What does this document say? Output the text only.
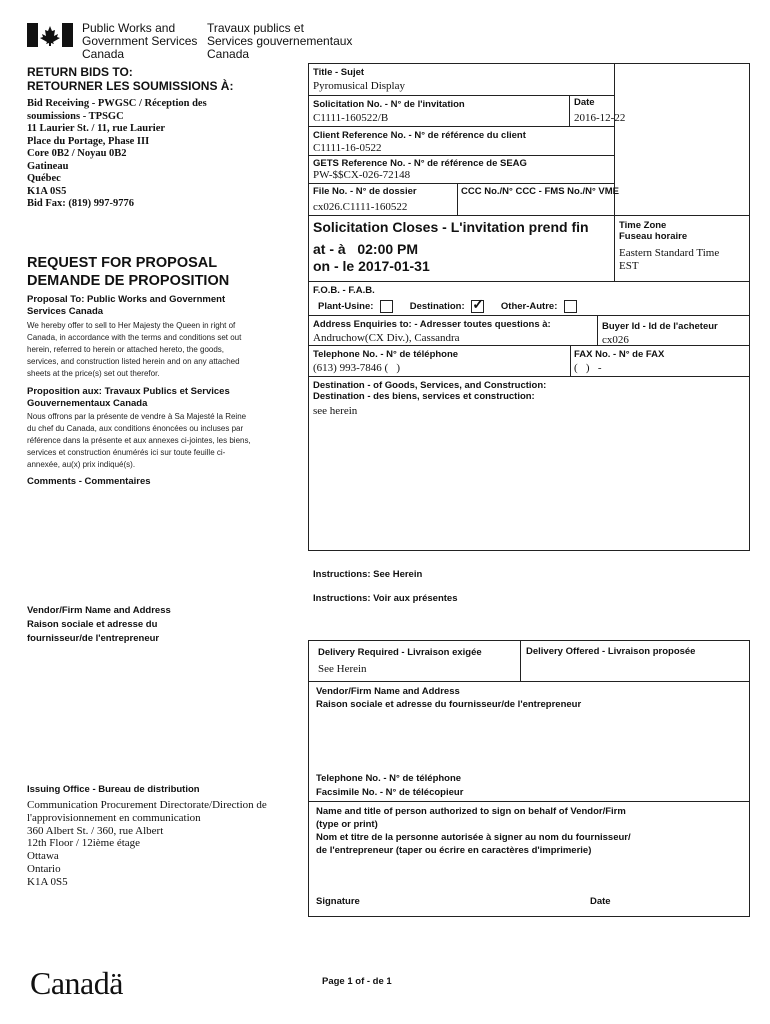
Public Works and
Government Services
Canada
Travaux publics et
Services gouvernementaux
Canada
RETURN BIDS TO:
RETOURNER LES SOUMISSIONS À:
Bid Receiving - PWGSC / Réception des
soumissions - TPSGC
11 Laurier St. / 11, rue Laurier
Place du Portage, Phase III
Core 0B2 / Noyau 0B2
Gatineau
Québec
K1A 0S5
Bid Fax: (819) 997-9776
REQUEST FOR PROPOSAL
DEMANDE DE PROPOSITION
Proposal To: Public Works and Government Services Canada
We hereby offer to sell to Her Majesty the Queen in right of Canada, in accordance with the terms and conditions set out herein, referred to herein or attached hereto, the goods, services, and construction listed herein and on any attached sheets at the price(s) set out therefor.
Proposition aux: Travaux Publics et Services Gouvernementaux Canada
Nous offrons par la présente de vendre à Sa Majesté la Reine du chef du Canada, aux conditions énoncées ou incluses par référence dans la présente et aux annexes ci-jointes, les biens, services et construction énumérés ici sur toute feuille ci-annexée, au(x) prix indiqué(s).
Comments - Commentaires
Vendor/Firm Name and Address
Raison sociale et adresse du
fournisseur/de l'entrepreneur
Issuing Office - Bureau de distribution
Communication Procurement Directorate/Direction de
l'approvisionnement en communication
360 Albert St. / 360, rue Albert
12th Floor / 12ième étage
Ottawa
Ontario
K1A 0S5
Title - Sujet
Pyromusical Display
Solicitation No. - N° de l'invitation
C1111-160522/B
Date
2016-12-22
Client Reference No. - N° de référence du client
C1111-16-0522
GETS Reference No. - N° de référence de SEAG
PW-$$CX-026-72148
File No. - N° de dossier
cx026.C1111-160522
CCC No./N° CCC - FMS No./N° VME
Solicitation Closes - L'invitation prend fin
at - à 02:00 PM
on - le 2017-01-31
Time Zone
Fuseau horaire
Eastern Standard Time
EST
F.O.B. - F.A.B.
Plant-Usine:	Destination: ✓ Other-Autre:
Address Enquiries to: - Adresser toutes questions à:
Andruchow(CX Div.), Cassandra
Buyer Id - Id de l'acheteur
cx026
Telephone No. - N° de téléphone
(613) 993-7846 (   )
FAX No. - N° de FAX
(   )   -
Destination - of Goods, Services, and Construction:
Destination - des biens, services et construction:
see herein
Instructions: See Herein
Instructions: Voir aux présentes
Delivery Required - Livraison exigée
See Herein
Delivery Offered - Livraison proposée
Vendor/Firm Name and Address
Raison sociale et adresse du fournisseur/de l'entrepreneur
Telephone No. - N° de téléphone
Facsimile No. - N° de télécopieur
Name and title of person authorized to sign on behalf of Vendor/Firm
(type or print)
Nom et titre de la personne autorisée à signer au nom du fournisseur/
de l'entrepreneur (taper ou écrire en caractères d'imprimerie)
Signature	Date
Canadä	Page 1 of - de 1
